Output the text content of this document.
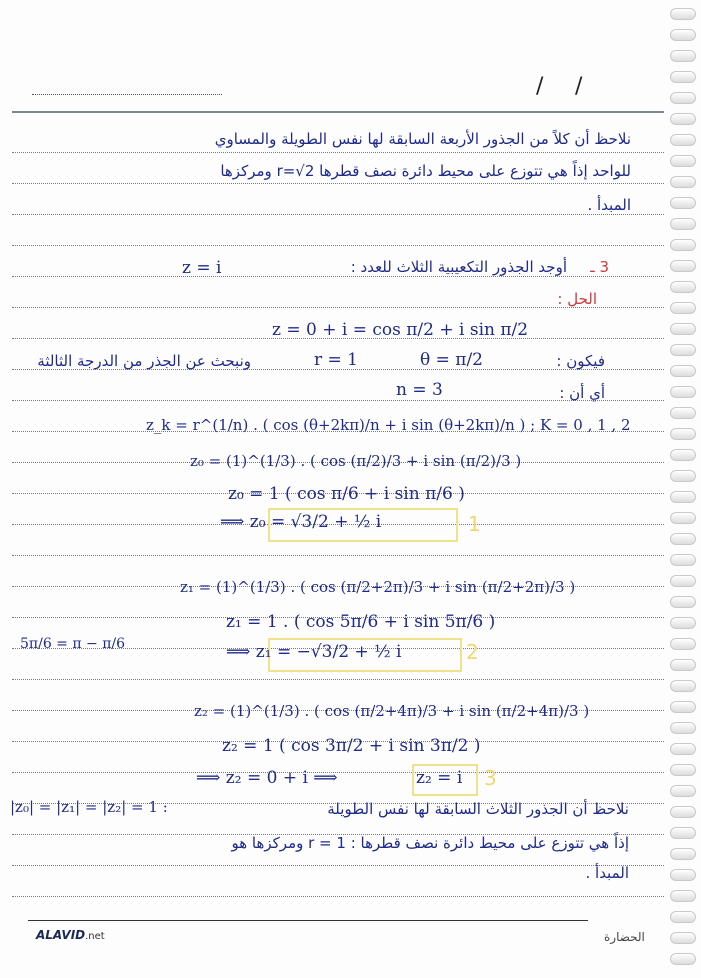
/ /
نلاحظ أن كلاً من الجذور الأربعة السابقة لها نفس الطويلة والمساوي
للواحد إذاً هي تتوزع على محيط دائرة نصف قطرها r=√2 ومركزها
المبدأ .
3 ـ
أوجد الجذور التكعيبية الثلاث للعدد :
z = i
الحل :
z = 0 + i = cos π/2 + i sin π/2
فيكون :
θ = π/2
r = 1
ونبحث عن الجذر من الدرجة الثالثة
أي أن :
n = 3
z_k = r^(1/n) . ( cos (θ+2kπ)/n + i sin (θ+2kπ)/n ) ; K = 0 , 1 , 2
z₀ = (1)^(1/3) . ( cos (π/2)/3 + i sin (π/2)/3 )
z₀ = 1 ( cos π/6 + i sin π/6 )
⟹ z₀ = √3/2 + ½ i	1
z₁ = (1)^(1/3) . ( cos (π/2+2π)/3 + i sin (π/2+2π)/3 )
z₁ = 1 . ( cos 5π/6 + i sin 5π/6 )
5π/6 = π − π/6	⟹ z₁ = −√3/2 + ½ i	2
z₂ = (1)^(1/3) . ( cos (π/2+4π)/3 + i sin (π/2+4π)/3 )
z₂ = 1 ( cos 3π/2 + i sin 3π/2 )
⟹ z₂ = 0 + i ⟹	z₂ = i 3
|z₀| = |z₁| = |z₂| = 1 :	نلاحظ أن الجذور الثلاث السابقة لها نفس الطويلة
إذاً هي تتوزع على محيط دائرة نصف قطرها : r = 1 ومركزها هو
المبدأ .
ALAVID.net	الحضارة
